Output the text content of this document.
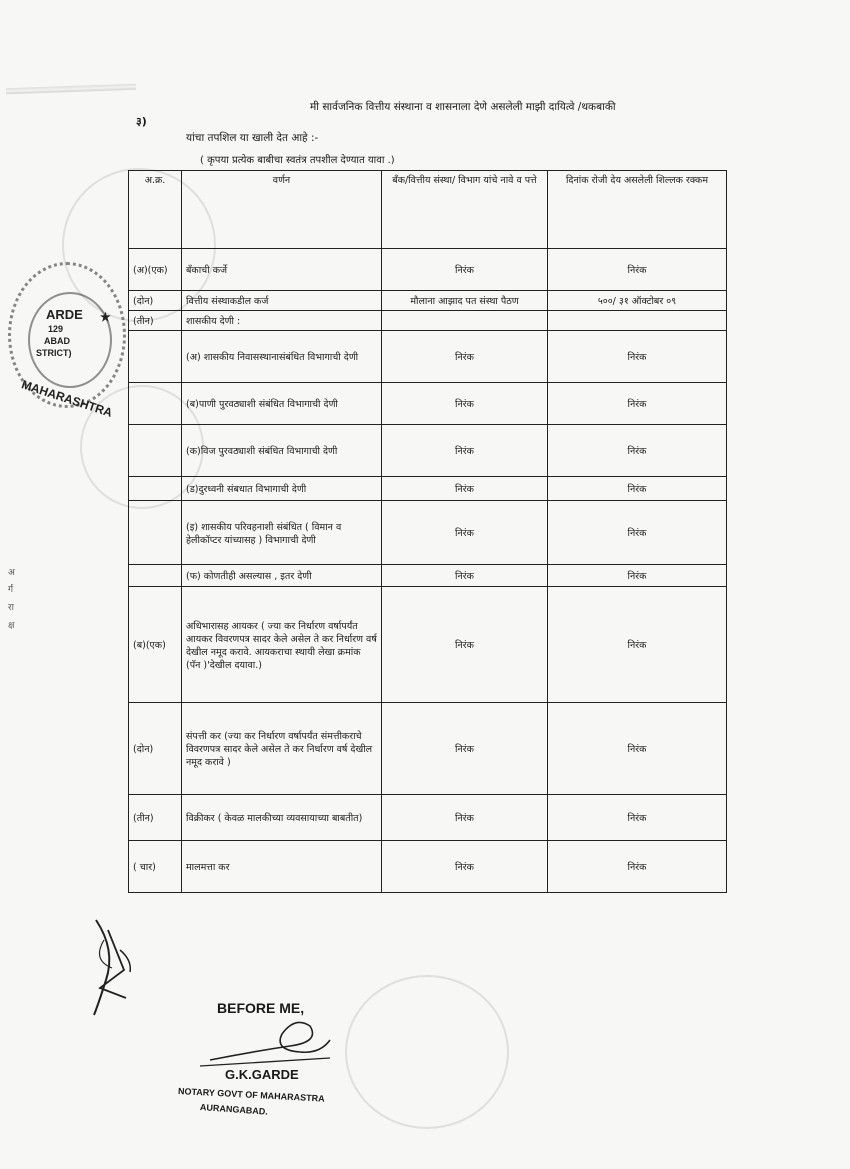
ARDE
129
ABAD
STRICT)
MAHARASHTRA
★
अ
र्ग
रा
क्ष
३)
मी सार्वजनिक वित्तीय संस्थाना व शासनाला देणे असलेली माझी दायित्वे /थकबाकी
यांचा तपशिल या खाली देत आहे :-
( कृपया प्रत्येक बाबीचा स्वतंत्र तपशील देण्यात यावा .)
अ.क्र.	वर्णन	बँक/वित्तीय संस्था/ विभाग यांचे नावे व पत्ते	दिनांक रोजी देय असलेली शिल्लक रक्कम
(अ)(एक)	बँकाची कर्जे	निरंक	निरंक
(दोन)	वित्तीय संस्थाकडील कर्ज	मौलाना आझाद पत संस्था पैठण	५००/ ३१ ऑक्टोबर ०९
(तीन)	शासकीय देणी :		
	(अ) शासकीय निवासस्थानासंबंधित विभागाची देणी	निरंक	निरंक
	(ब)पाणी पुरवठ्याशी संबंधित विभागाची देणी	निरंक	निरंक
	(क)विज पुरवठ्याशी संबंधित विभागाची देणी	निरंक	निरंक
	(ड)दुरध्वनी संबधात विभागाची देणी	निरंक	निरंक
	(इ) शासकीय परिवहनाशी संबंधित ( विमान व हेलीकॉप्टर यांच्यासह ) विभागाची देणी	निरंक	निरंक
	(फ) कोणतीही असल्यास , इतर देणी	निरंक	निरंक
(ब)(एक)	अधिभारासह आयकर ( ज्या कर निर्धारण वर्षापर्यंत आयकर विवरणपत्र सादर केले असेल ते कर निर्धारण वर्ष देखील नमूद करावे. आयकराचा स्थायी लेखा क्रमांक (पॅन )'देखील दयावा.)	निरंक	निरंक
(दोन)	संपत्ती कर (ज्या कर निर्धारण वर्षापर्यंत संमत्तीकराचे विवरणपत्र सादर केले असेल ते कर निर्धारण वर्ष देखील नमूद करावे )	निरंक	निरंक
(तीन)	विक्रीकर ( केवळ मालकीच्या व्यवसायाच्या बाबतीत)	निरंक	निरंक
( चार)	मालमत्ता कर	निरंक	निरंक
BEFORE ME,
G.K.GARDE
NOTARY GOVT OF MAHARASTRA
AURANGABAD.
